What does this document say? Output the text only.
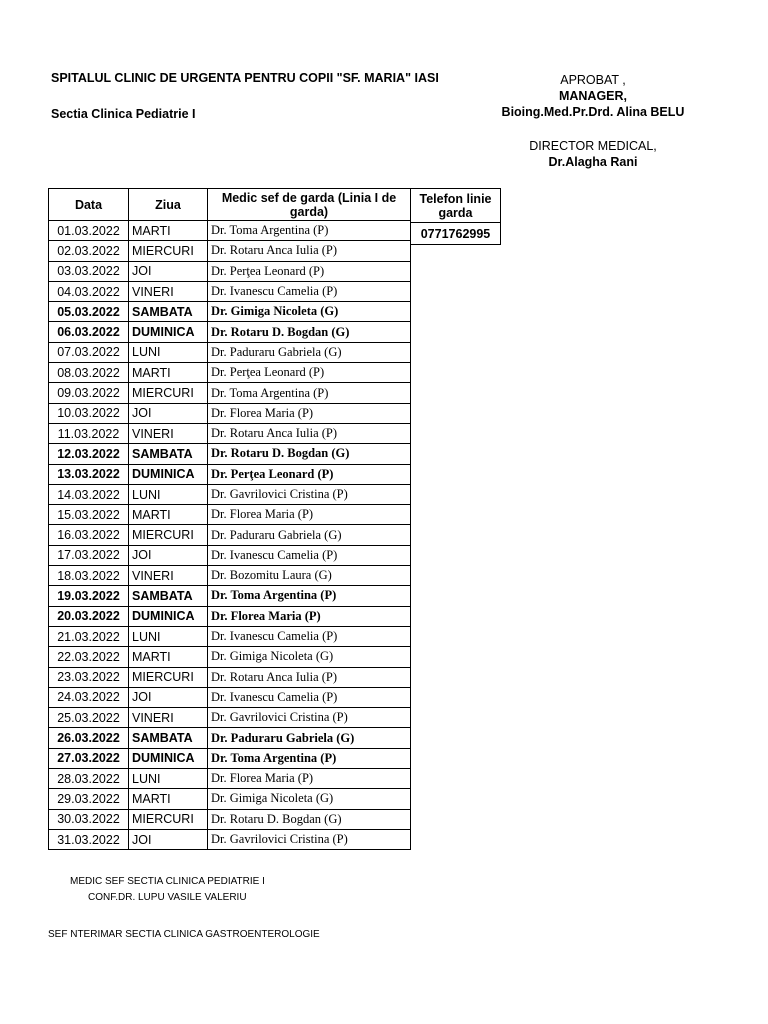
SPITALUL CLINIC DE URGENTA PENTRU COPII "SF. MARIA" IASI
Sectia Clinica Pediatrie I
APROBAT ,
MANAGER,
Bioing.Med.Pr.Drd. Alina BELU
DIRECTOR MEDICAL,
Dr.Alagha Rani
Data	Ziua	Medic sef de garda (Linia I de garda)
01.03.2022	MARTI	Dr. Toma Argentina (P)
02.03.2022	MIERCURI	Dr. Rotaru Anca Iulia (P)
03.03.2022	JOI	Dr. Perţea Leonard (P)
04.03.2022	VINERI	Dr. Ivanescu Camelia (P)
05.03.2022	SAMBATA	Dr. Gimiga Nicoleta (G)
06.03.2022	DUMINICA	Dr. Rotaru D. Bogdan (G)
07.03.2022	LUNI	Dr. Paduraru Gabriela (G)
08.03.2022	MARTI	Dr. Perţea Leonard (P)
09.03.2022	MIERCURI	Dr. Toma Argentina (P)
10.03.2022	JOI	Dr. Florea Maria (P)
11.03.2022	VINERI	Dr. Rotaru Anca Iulia (P)
12.03.2022	SAMBATA	Dr. Rotaru D. Bogdan (G)
13.03.2022	DUMINICA	Dr. Perţea Leonard (P)
14.03.2022	LUNI	Dr. Gavrilovici Cristina (P)
15.03.2022	MARTI	Dr. Florea Maria (P)
16.03.2022	MIERCURI	Dr. Paduraru Gabriela (G)
17.03.2022	JOI	Dr. Ivanescu Camelia (P)
18.03.2022	VINERI	Dr. Bozomitu Laura (G)
19.03.2022	SAMBATA	Dr. Toma Argentina (P)
20.03.2022	DUMINICA	Dr. Florea Maria (P)
21.03.2022	LUNI	Dr. Ivanescu Camelia (P)
22.03.2022	MARTI	Dr. Gimiga Nicoleta (G)
23.03.2022	MIERCURI	Dr. Rotaru Anca Iulia (P)
24.03.2022	JOI	Dr. Ivanescu Camelia (P)
25.03.2022	VINERI	Dr. Gavrilovici Cristina (P)
26.03.2022	SAMBATA	Dr. Paduraru Gabriela (G)
27.03.2022	DUMINICA	Dr. Toma Argentina (P)
28.03.2022	LUNI	Dr. Florea Maria (P)
29.03.2022	MARTI	Dr. Gimiga Nicoleta (G)
30.03.2022	MIERCURI	Dr. Rotaru D. Bogdan (G)
31.03.2022	JOI	Dr. Gavrilovici Cristina (P)
Telefon linie garda
0771762995
MEDIC SEF SECTIA CLINICA PEDIATRIE I
CONF.DR. LUPU VASILE VALERIU
SEF NTERIMAR SECTIA CLINICA GASTROENTEROLOGIE
